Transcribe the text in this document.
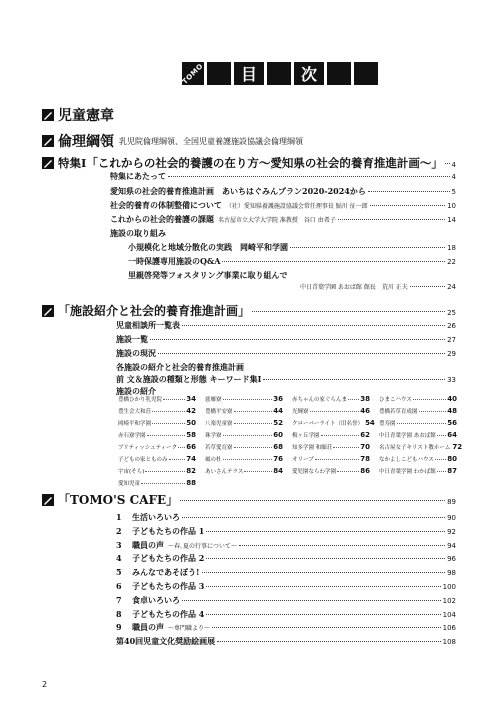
TOMO	目	次
児童憲章
倫理綱領 乳児院倫理綱領、全国児童養護施設協議会倫理綱領
特集Ⅰ「これからの社会的養護の在り方～愛知県の社会的養育推進計画～」 4
特集にあたって	4
愛知県の社会的養育推進計画　あいちはぐみんプラン2020-2024から	5
社会的養育の体制整備について （社）愛知県養護施設協議会常任理事長 鮎川 征一郎	10
これからの社会的養護の課題 名古屋市立大学大学院 准教授　谷口 由希子	14
施設の取り組み
小規模化と地域分散化の実践　岡崎平和学園	18
一時保護専用施設のQ&A	22
里親啓発等フォスタリング事業に取り組んで
中日青葉学園 あおば館 館長　荒川 正夫	24
「施設紹介と社会的養育推進計画」	25
児童相談所一覧表	26
施設一覧	27
施設の現況	29
各施設の紹介と社会的養育推進計画
前 文＆施設の種類と形態 キーワード集Ⅰ	33
施設の紹介
豊橋ひかり乳児院	34 慈雁寮	36 赤ちゃんの家ぐらんま 38 ひまこハウス	40
豊生会大和荘	42 豊橋平安寮	44 光輝寮	46 豊橋若草育成園	48
岡崎平和学園	50 八楽児童寮	52 クローバーライト（旧名誉） 54 豊寿園	56
赤石寮学園	58 珠学寮	60 梅ヶ丘学園	62 中日青葉学園 あおば館 64
ブリティッシュティーク 66 若草愛育寮	68 知多学園 和願荘	70 名古屋女子キリスト教ホーム 72
子どもの家とものみ	74 風の杜	76 オリーブ	78 なかよしこどもハウス 80
宇宙(そら)	82 あいさんテラス	84 愛児園ならわ学園	86 中日青葉学園 わかば館 87
愛知児童	88
「TOMO'S CAFE」	89
1	生活いろいろ	90
2	子どもたちの作品 1	92
3	職員の声 ～春､夏の行事について～	94
4	子どもたちの作品 2	96
5	みんなであそぼう!	98
6	子どもたちの作品 3	100
7	食卓いろいろ	102
8	子どもたちの作品 4	104
9	職員の声 ～専門職より～	106
第40回児童文化奨励絵画展	108
2
